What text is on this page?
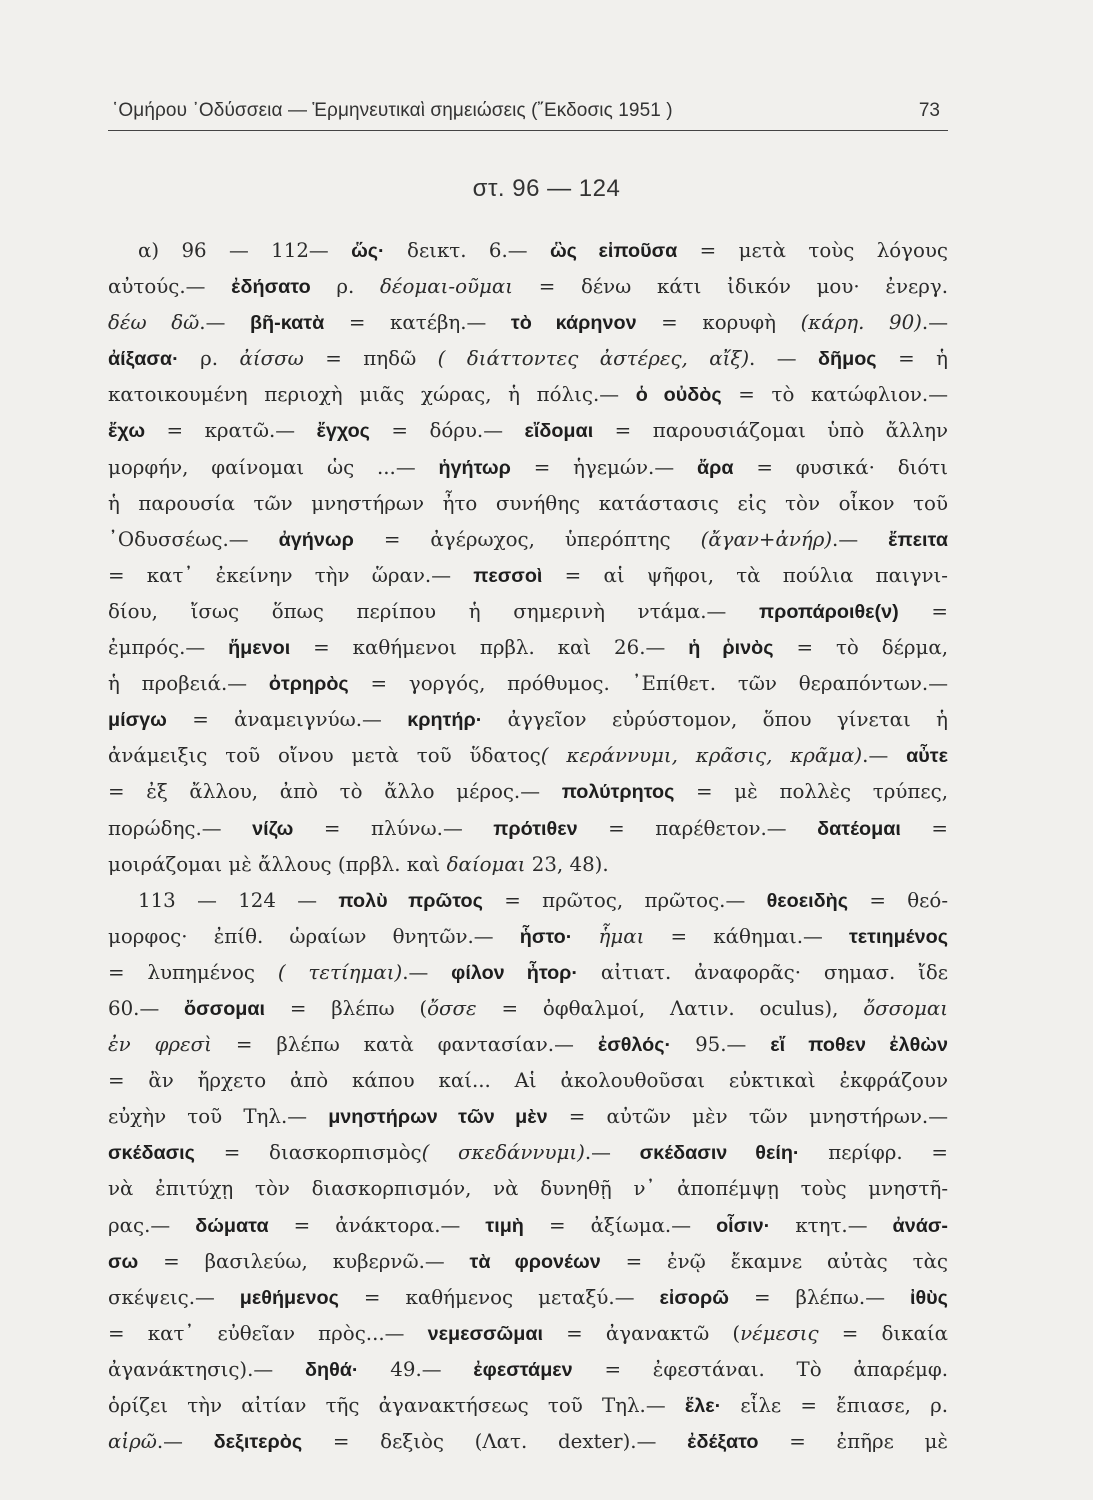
῾Ομήρου ᾿Οδύσσεια — Ἑρμηνευτικαὶ σημειώσεις (῎Εκδοσις 1951 )	73
στ. 96 — 124
α) 96 — 112— ὥς· δεικτ. 6.— ὣς εἰποῦσα = μετὰ τοὺς λόγους
αὐτούς.— ἐδήσατο ρ. δέομαι-οῦμαι = δένω κάτι ἰδικόν μου· ἐνεργ.
δέω δῶ.— βῆ-κατὰ = κατέβη.— τὸ κάρηνον = κορυφὴ (κάρη. 90).—
ἀίξασα· ρ. ἀίσσω = πηδῶ ( διάττοντες ἀστέρες, αἴξ). — δῆμος = ἡ
κατοικουμένη περιοχὴ μιᾶς χώρας, ἡ πόλις.— ὁ οὐδὸς = τὸ κατώφλιον.—
ἔχω = κρατῶ.— ἔγχος = δόρυ.— εἴδομαι = παρουσιάζομαι ὑπὸ ἄλλην
μορφήν, φαίνομαι ὡς ...— ἡγήτωρ = ἡγεμών.— ἄρα = φυσικά· διότι
ἡ παρουσία τῶν μνηστήρων ἦτο συνήθης κατάστασις εἰς τὸν οἶκον τοῦ
᾿Οδυσσέως.— ἀγήνωρ = ἀγέρωχος, ὑπερόπτης (ἄγαν+ἀνήρ).— ἔπειτα
= κατ᾿ ἐκείνην τὴν ὥραν.— πεσσοὶ = αἱ ψῆφοι, τὰ πούλια παιγνι-
δίου, ἴσως ὅπως περίπου ἡ σημερινὴ ντάμα.— προπάροιθε(ν) =
ἐμπρός.— ἥμενοι = καθήμενοι πρβλ. καὶ 26.— ἡ ῥινὸς = τὸ δέρμα,
ἡ προβειά.— ὀτρηρὸς = γοργός, πρόθυμος. ᾿Επίθετ. τῶν θεραπόντων.—
μίσγω = ἀναμειγνύω.— κρητήρ· ἀγγεῖον εὐρύστομον, ὅπου γίνεται ἡ
ἀνάμειξις τοῦ οἴνου μετὰ τοῦ ὕδατος( κεράννυμι, κρᾶσις, κρᾶμα).— αὖτε
= ἐξ ἄλλου, ἀπὸ τὸ ἄλλο μέρος.— πολύτρητος = μὲ πολλὲς τρύπες,
πορώδης.— νίζω = πλύνω.— πρότιθεν = παρέθετον.— δατέομαι =
μοιράζομαι μὲ ἄλλους (πρβλ. καὶ δαίομαι 23, 48).
113 — 124 — πολὺ πρῶτος = πρῶτος, πρῶτος.— θεοειδὴς = θεό-
μορφος· ἐπίθ. ὡραίων θνητῶν.— ἧστο· ἧμαι = κάθημαι.— τετιημένος
= λυπημένος ( τετίημαι).— φίλον ἦτορ· αἰτιατ. ἀναφορᾶς· σημασ. ἴδε
60.— ὄσσομαι = βλέπω (ὄσσε = ὀφθαλμοί, Λατιν. oculus), ὄσσομαι
ἐν φρεσὶ = βλέπω κατὰ φαντασίαν.— ἐσθλός· 95.— εἴ ποθεν ἐλθὼν
= ἂν ἤρχετο ἀπὸ κάπου καί... Αἱ ἀκολουθοῦσαι εὐκτικαὶ ἐκφράζουν
εὐχὴν τοῦ Τηλ.— μνηστήρων τῶν μὲν = αὐτῶν μὲν τῶν μνηστήρων.—
σκέδασις = διασκορπισμὸς( σκεδάννυμι).— σκέδασιν θείη· περίφρ. =
νὰ ἐπιτύχῃ τὸν διασκορπισμόν, νὰ δυνηθῇ ν᾿ ἀποπέμψῃ τοὺς μνηστῆ-
ρας.— δώματα = ἀνάκτορα.— τιμὴ = ἀξίωμα.— οἷσιν· κτητ.— ἀνάσ-
σω = βασιλεύω, κυβερνῶ.— τὰ φρονέων = ἐνῷ ἔκαμνε αὐτὰς τὰς
σκέψεις.— μεθήμενος = καθήμενος μεταξύ.— εἰσορῶ = βλέπω.— ἰθὺς
= κατ᾿ εὐθεῖαν πρὸς...— νεμεσσῶμαι = ἀγανακτῶ (νέμεσις = δικαία
ἀγανάκτησις).— δηθά· 49.— ἐφεστάμεν = ἐφεστάναι. Τὸ ἀπαρέμφ.
ὁρίζει τὴν αἰτίαν τῆς ἀγανακτήσεως τοῦ Τηλ.— ἕλε· εἷλε = ἔπιασε, ρ.
αἱρῶ.— δεξιτερὸς = δεξιὸς (Λατ. dexter).— ἐδέξατο = ἐπῆρε μὲ
